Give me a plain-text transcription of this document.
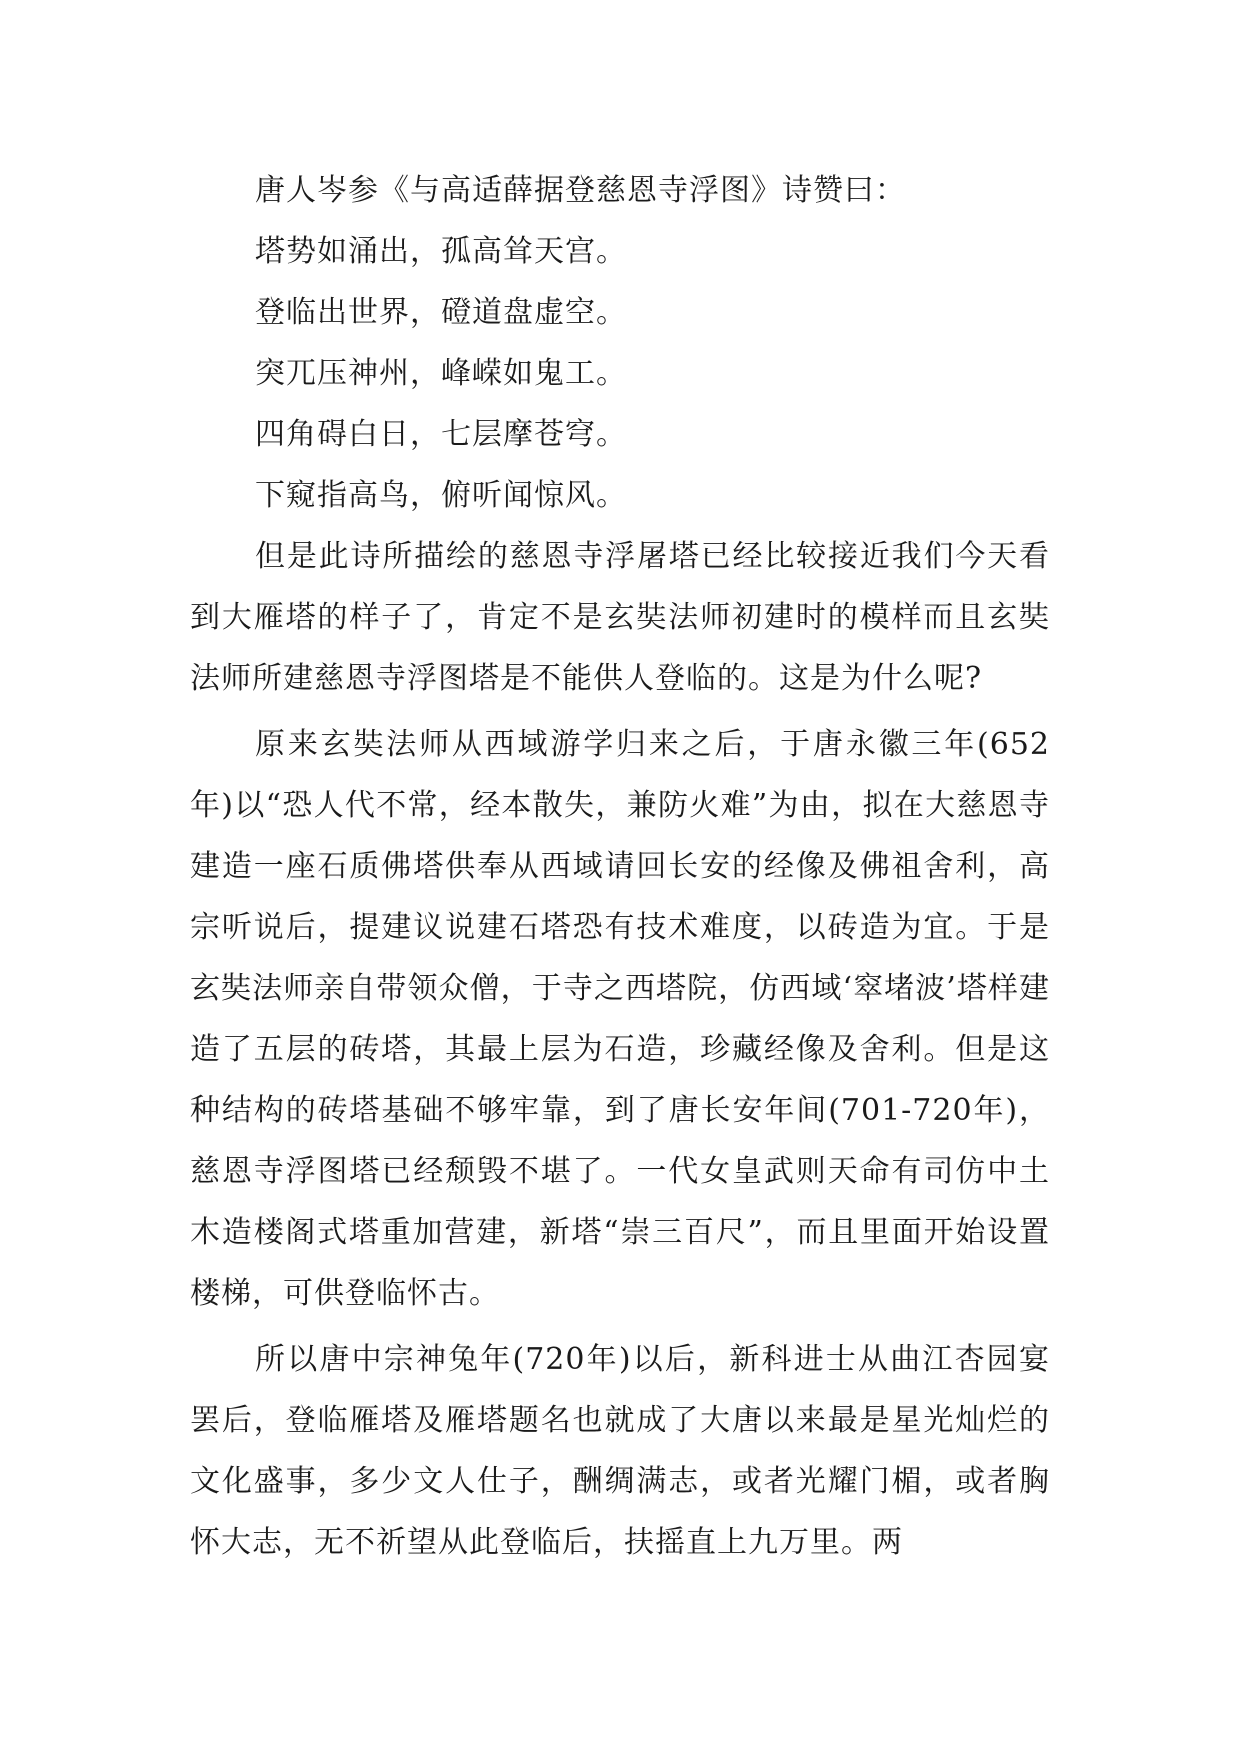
唐人岑参《与高适薛据登慈恩寺浮图》诗赞曰：

塔势如涌出，孤高耸天宫。

登临出世界，磴道盘虚空。

突兀压神州，峰嵘如鬼工。

四角碍白日，七层摩苍穹。

下窥指高鸟，俯听闻惊风。

但是此诗所描绘的慈恩寺浮屠塔已经比较接近我们今天看到大雁塔的样子了，肯定不是玄奘法师初建时的模样而且玄奘法师所建慈恩寺浮图塔是不能供人登临的。这是为什么呢?

原来玄奘法师从西域游学归来之后，于唐永徽三年(652年)以“恐人代不常，经本散失，兼防火难”为由，拟在大慈恩寺建造一座石质佛塔供奉从西域请回长安的经像及佛祖舍利，高宗听说后，提建议说建石塔恐有技术难度，以砖造为宜。于是玄奘法师亲自带领众僧，于寺之西塔院，仿西域‘窣堵波’塔样建造了五层的砖塔，其最上层为石造，珍藏经像及舍利。但是这种结构的砖塔基础不够牢靠，到了唐长安年间(701-720年)，慈恩寺浮图塔已经颓毁不堪了。一代女皇武则天命有司仿中土木造楼阁式塔重加营建，新塔“崇三百尺”，而且里面开始设置楼梯，可供登临怀古。

所以唐中宗神兔年(720年)以后，新科进士从曲江杏园宴罢后，登临雁塔及雁塔题名也就成了大唐以来最是星光灿烂的文化盛事，多少文人仕子，酬绸满志，或者光耀门楣，或者胸怀大志，无不祈望从此登临后，扶摇直上九万里。两
